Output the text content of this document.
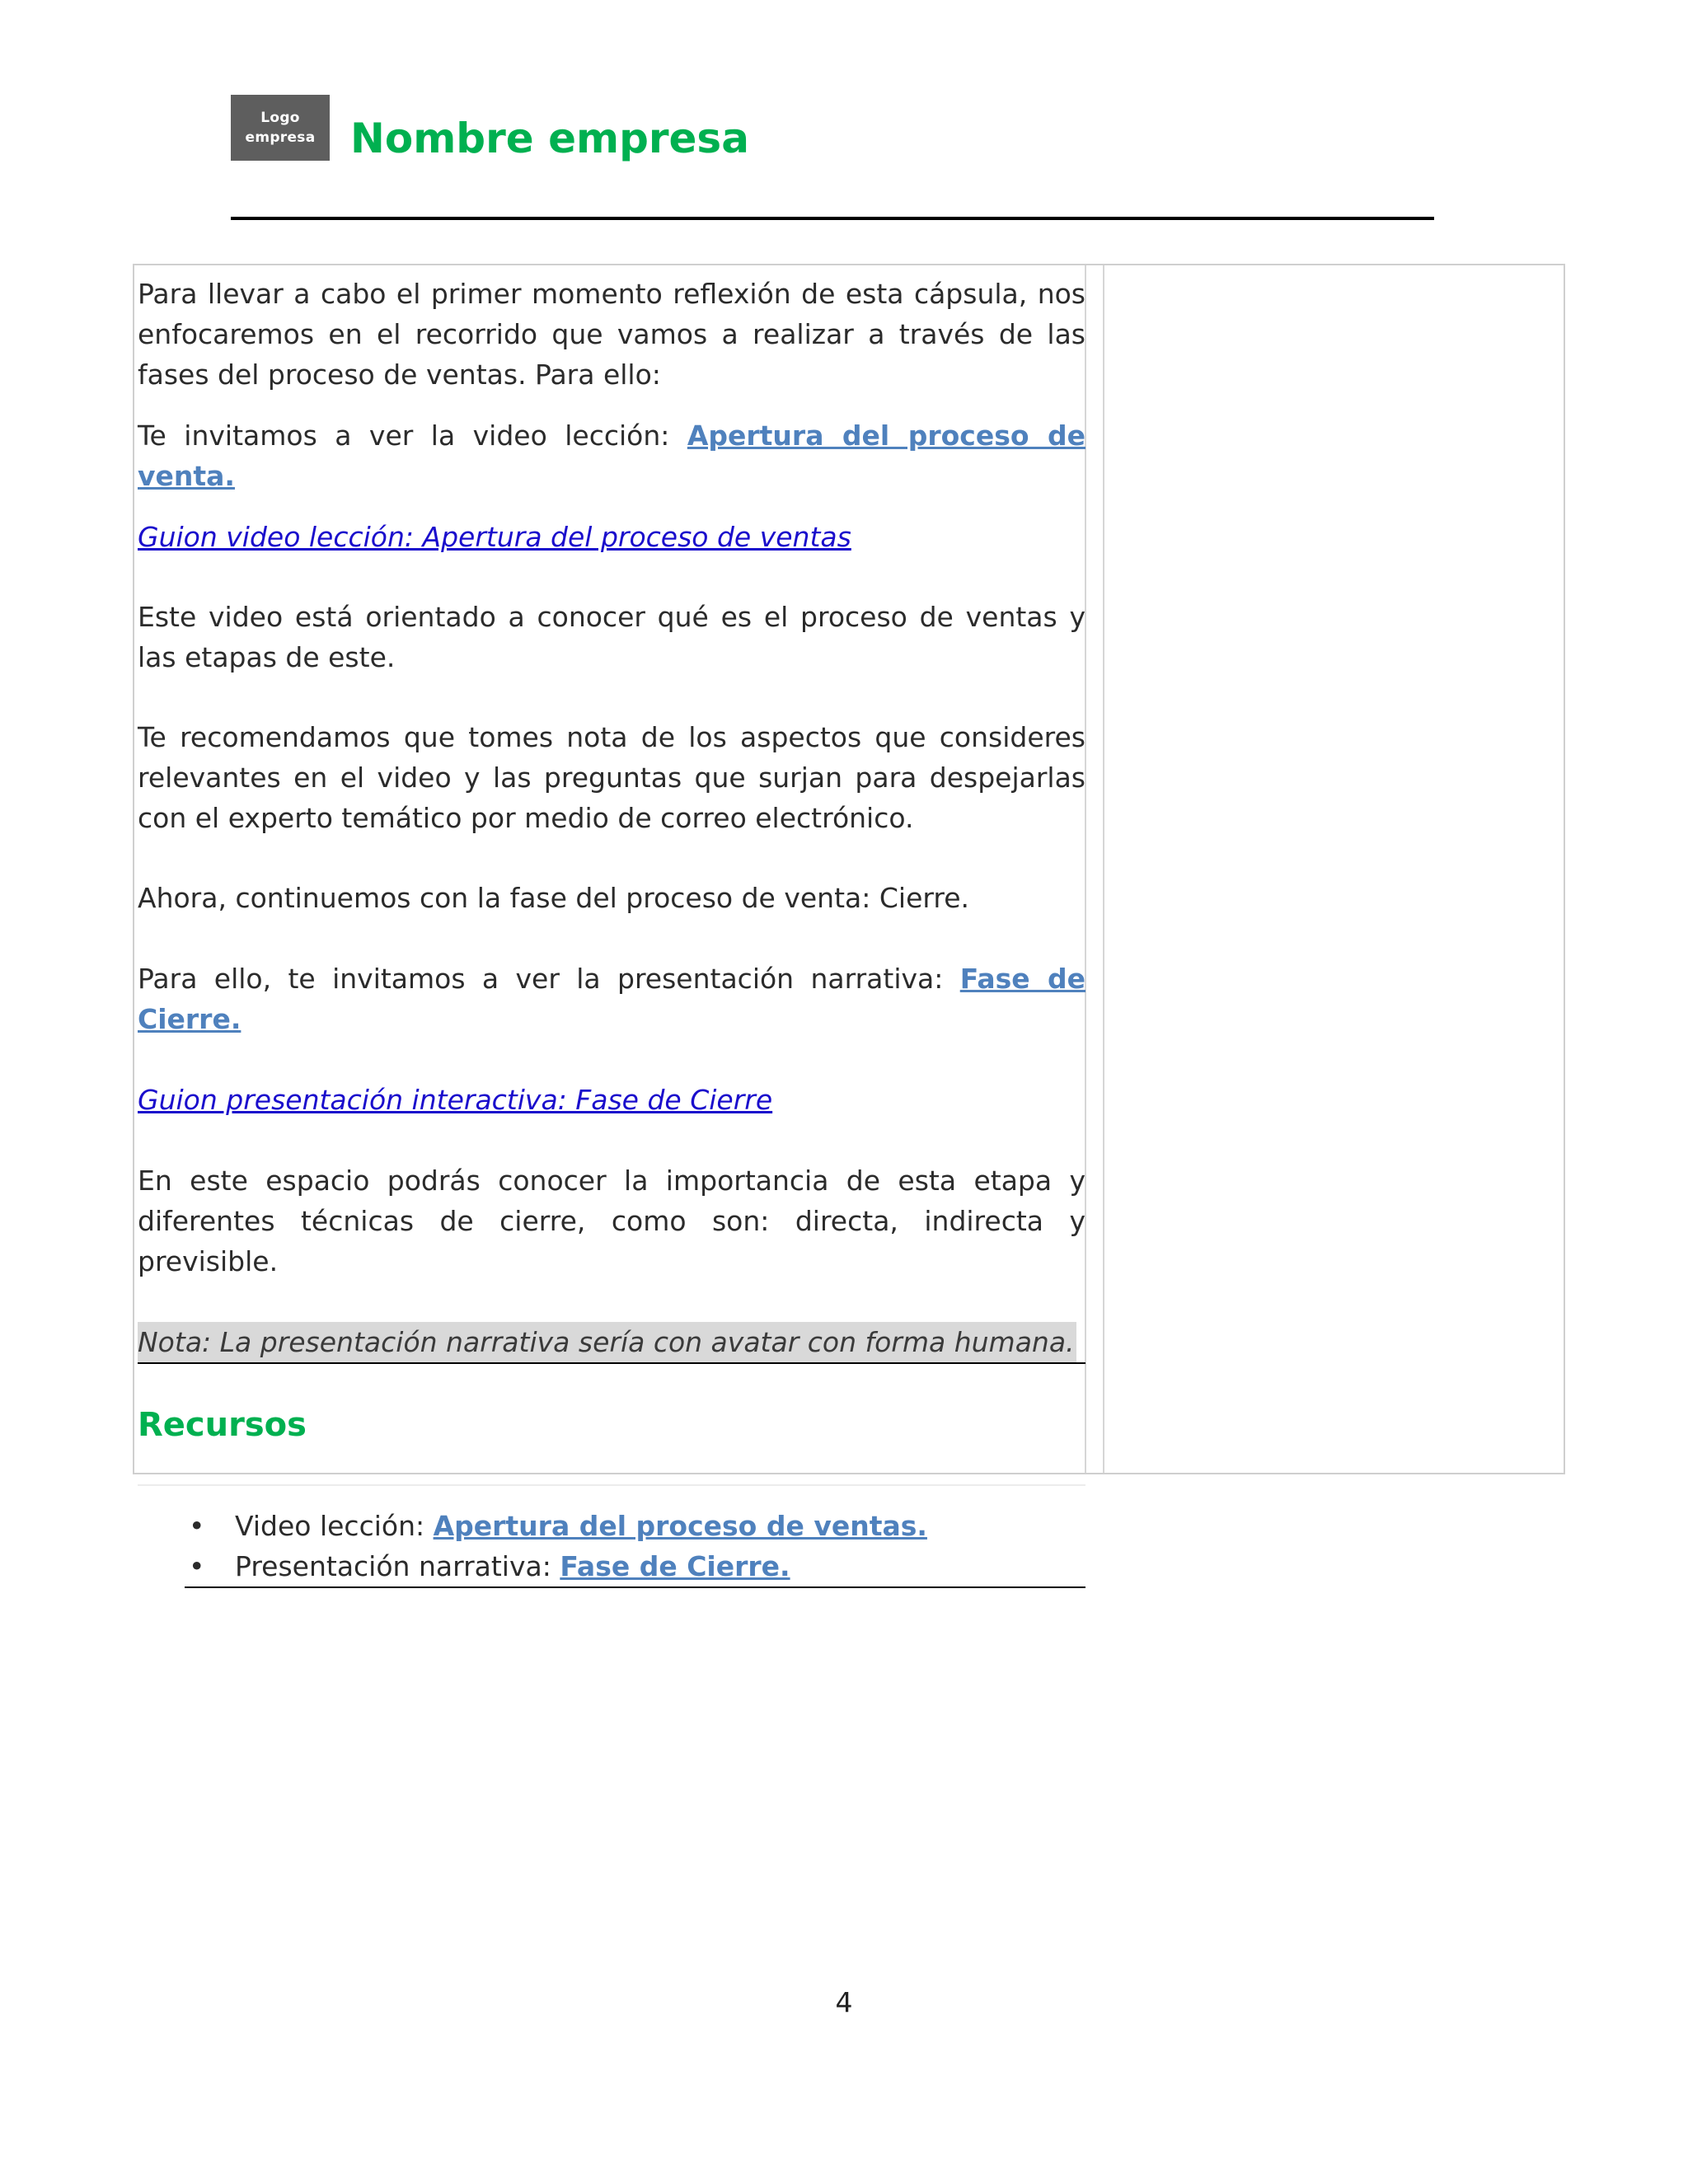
Logo
empresa Nombre empresa

Para llevar a cabo el primer momento reflexión de esta cápsula, nos enfocaremos en el recorrido que vamos a realizar a través de las fases del proceso de ventas. Para ello:

Te invitamos a ver la video lección: Apertura del proceso de venta.

Guion video lección: Apertura del proceso de ventas

Este video está orientado a conocer qué es el proceso de ventas y las etapas de este.

Te recomendamos que tomes nota de los aspectos que consideres relevantes en el video y las preguntas que surjan para despejarlas con el experto temático por medio de correo electrónico.

Ahora, continuemos con la fase del proceso de venta: Cierre.

Para ello, te invitamos a ver la presentación narrativa: Fase de Cierre.

Guion presentación interactiva: Fase de Cierre

En este espacio podrás conocer la importancia de esta etapa y diferentes técnicas de cierre, como son: directa, indirecta y previsible.

Nota: La presentación narrativa sería con avatar con forma humana.

Recursos
• Video lección: Apertura del proceso de ventas.
• Presentación narrativa: Fase de Cierre.
4
